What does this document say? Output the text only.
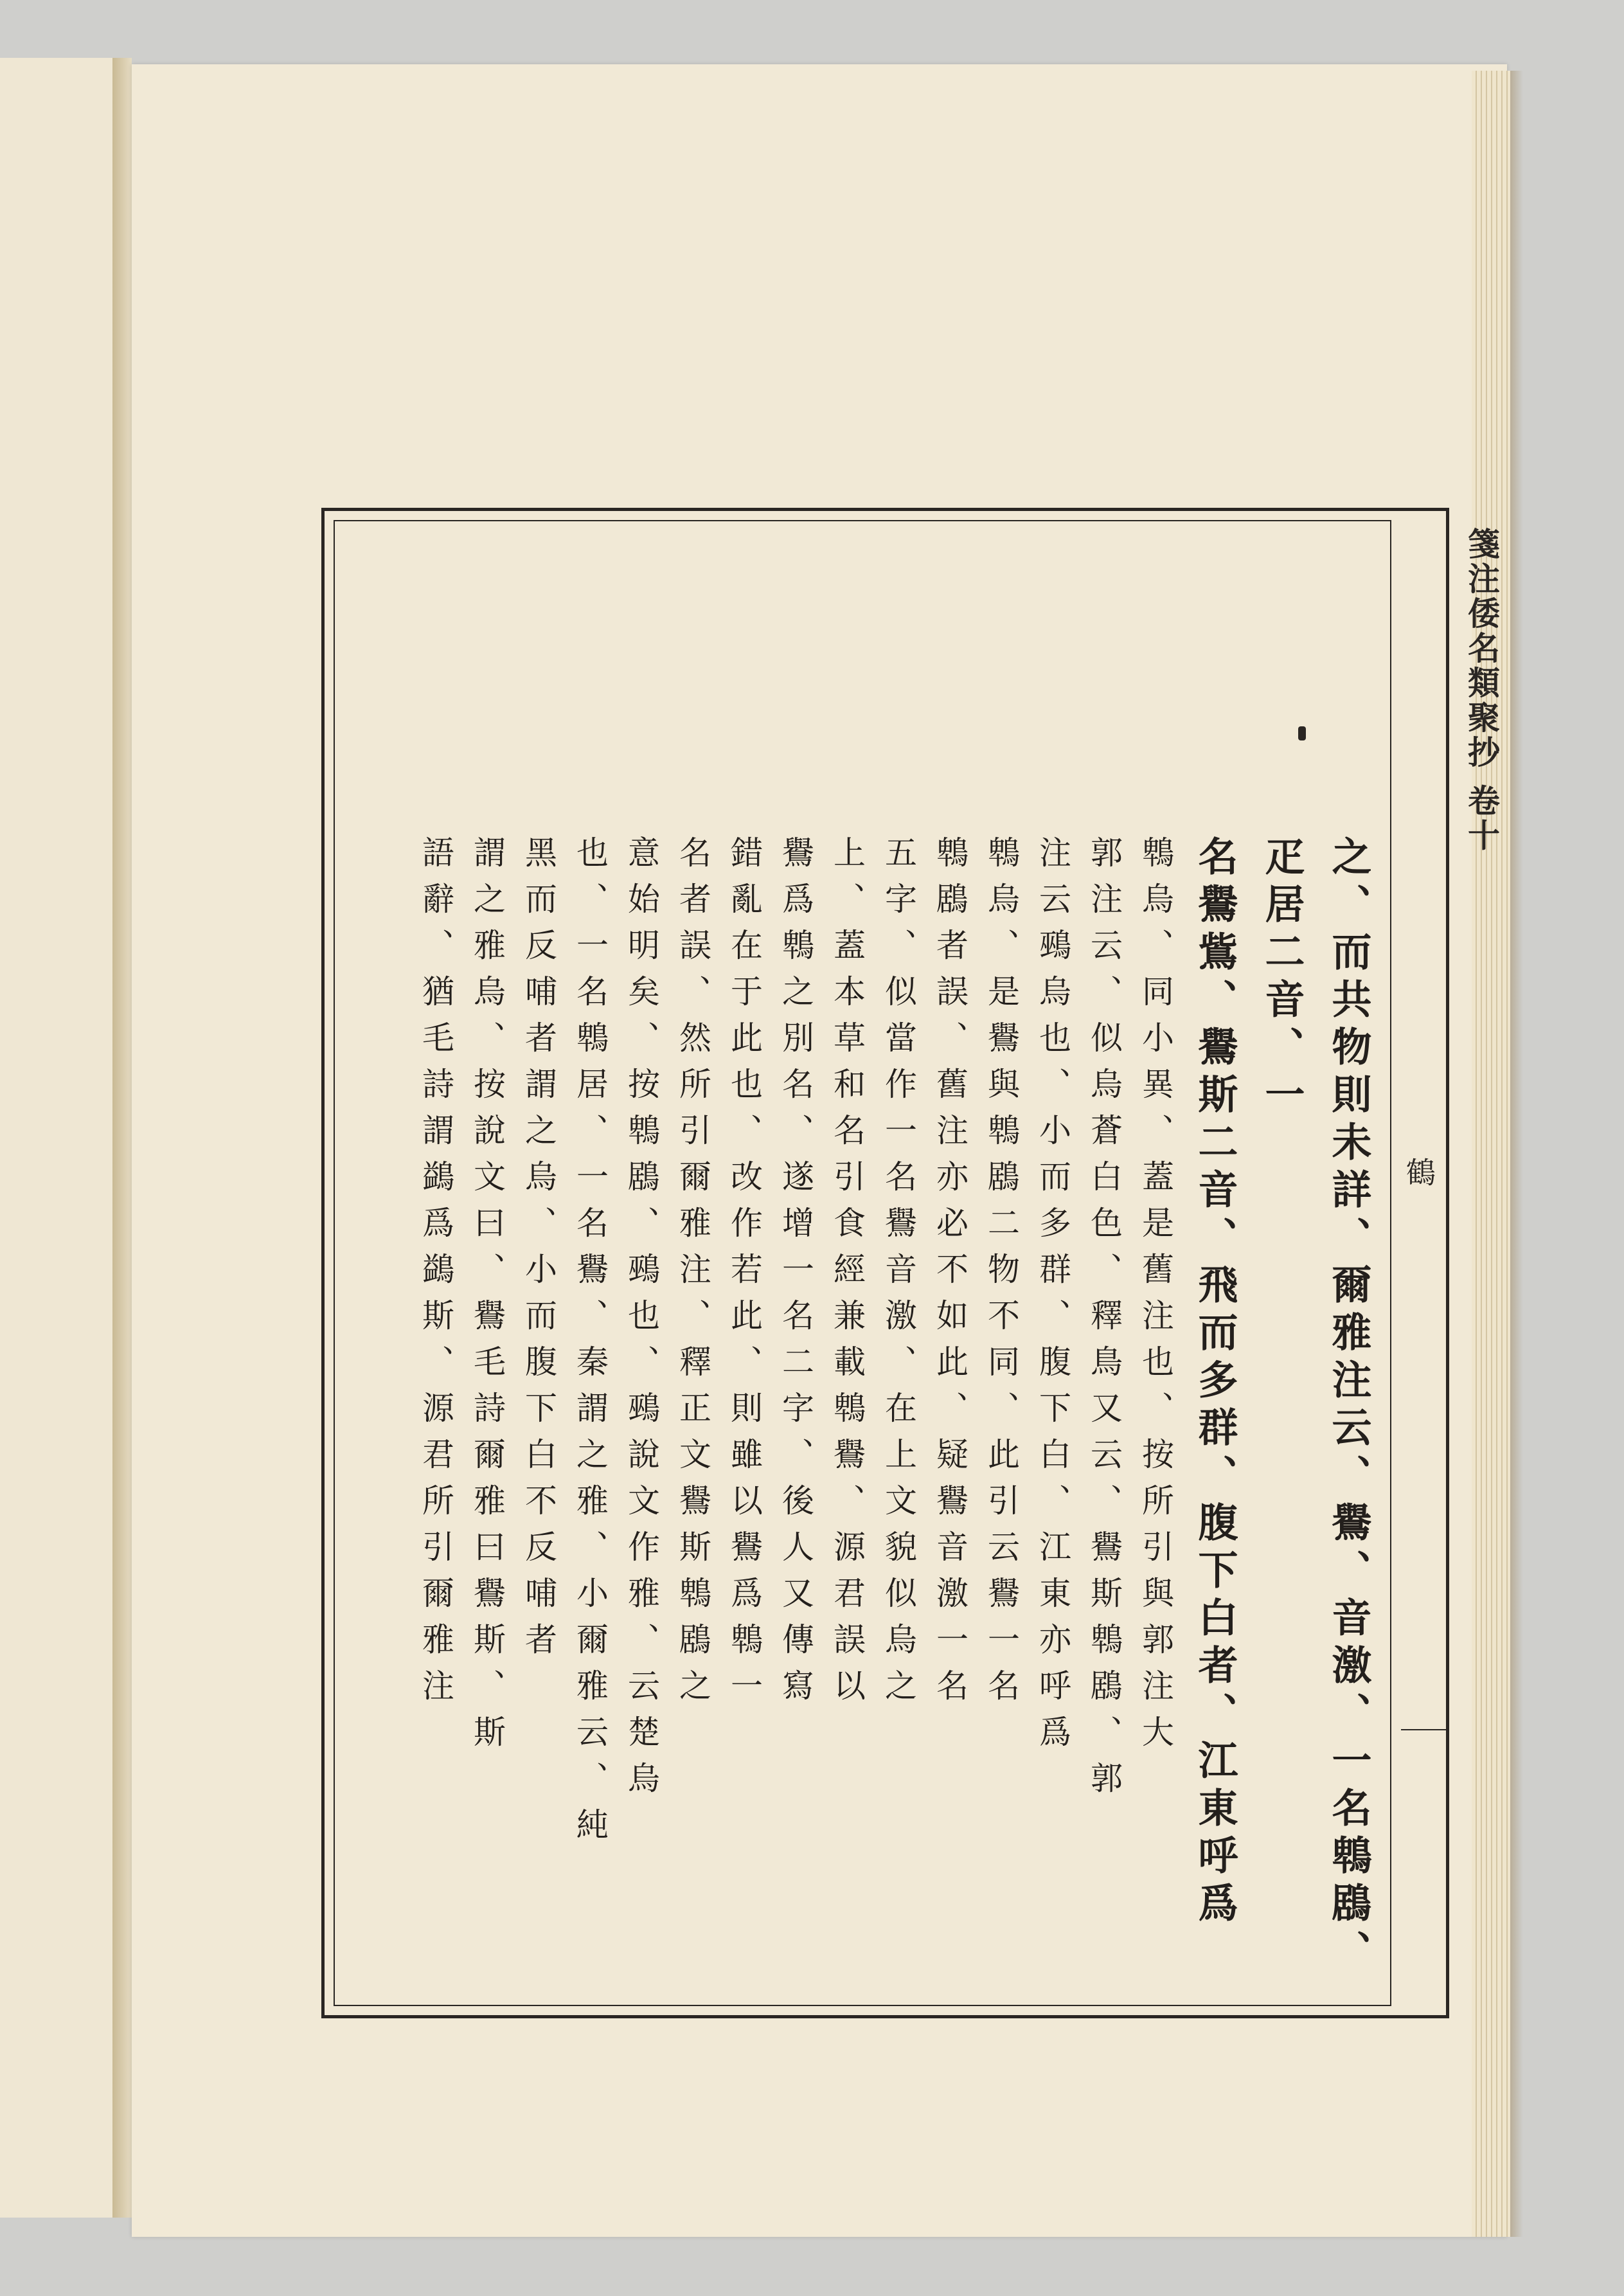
箋注倭名類聚抄 卷十
鶴
之、而共物則未詳、爾雅注云、鸒、音激、一名鵯鶋、疋居二音、一
名鸒鴜、鸒斯二音、飛而多群、腹下白者、江東呼爲
鵯烏、同小異、蓋是舊注也、按所引與郭注大
郭注云、似烏蒼白色、釋鳥又云、鸒斯鵯鶋、郭
注云鵐烏也、小而多群、腹下白、江東亦呼爲
鵯烏、是鸒與鵯鶋二物不同、此引云鸒一名
鵯鶋者誤、舊注亦必不如此、疑鸒音激一名
五字、似當作一名鸒音激、在上文貌似烏之
上、蓋本草和名引食經兼載鵯鸒、源君誤以
鸒爲鵯之別名、遂增一名二字、後人又傳寫
錯亂在于此也、改作若此、則雖以鸒爲鵯一
名者誤、然所引爾雅注、釋正文鸒斯鵯鶋之
意始明矣、按鵯鶋、鵐也、鵐說文作雅、云楚烏
也、一名鵯居、一名鸒、秦謂之雅、小爾雅云、純
黑而反哺者謂之烏、小而腹下白不反哺者
謂之雅烏、按說文曰、鸒毛詩爾雅曰鸒斯、斯
語辭、猶毛詩謂鷁爲鷁斯、源君所引爾雅注
